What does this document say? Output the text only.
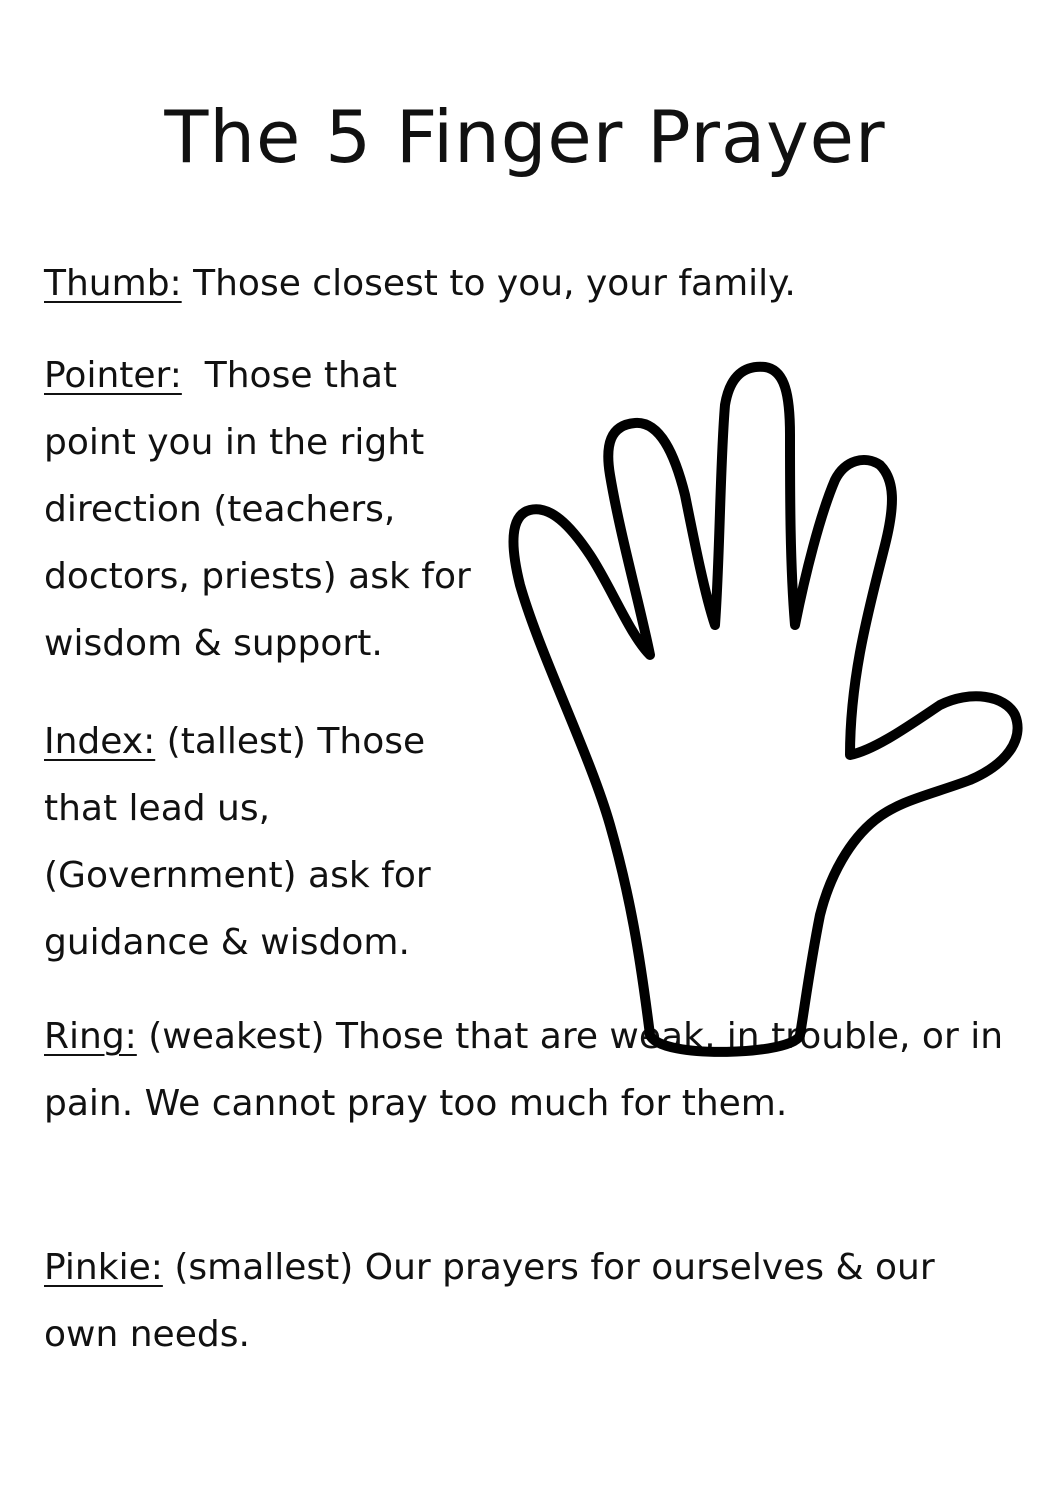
The 5 Finger Prayer

Thumb: Those closest to you, your family.

Pointer:  Those that point you in the right direction (teachers, doctors, priests) ask for wisdom & support.

Index: (tallest) Those that lead us, (Government) ask for guidance & wisdom.

Ring: (weakest) Those that are weak, in trouble, or in pain. We cannot pray too much for them.

Pinkie: (smallest) Our prayers for ourselves & our own needs.
